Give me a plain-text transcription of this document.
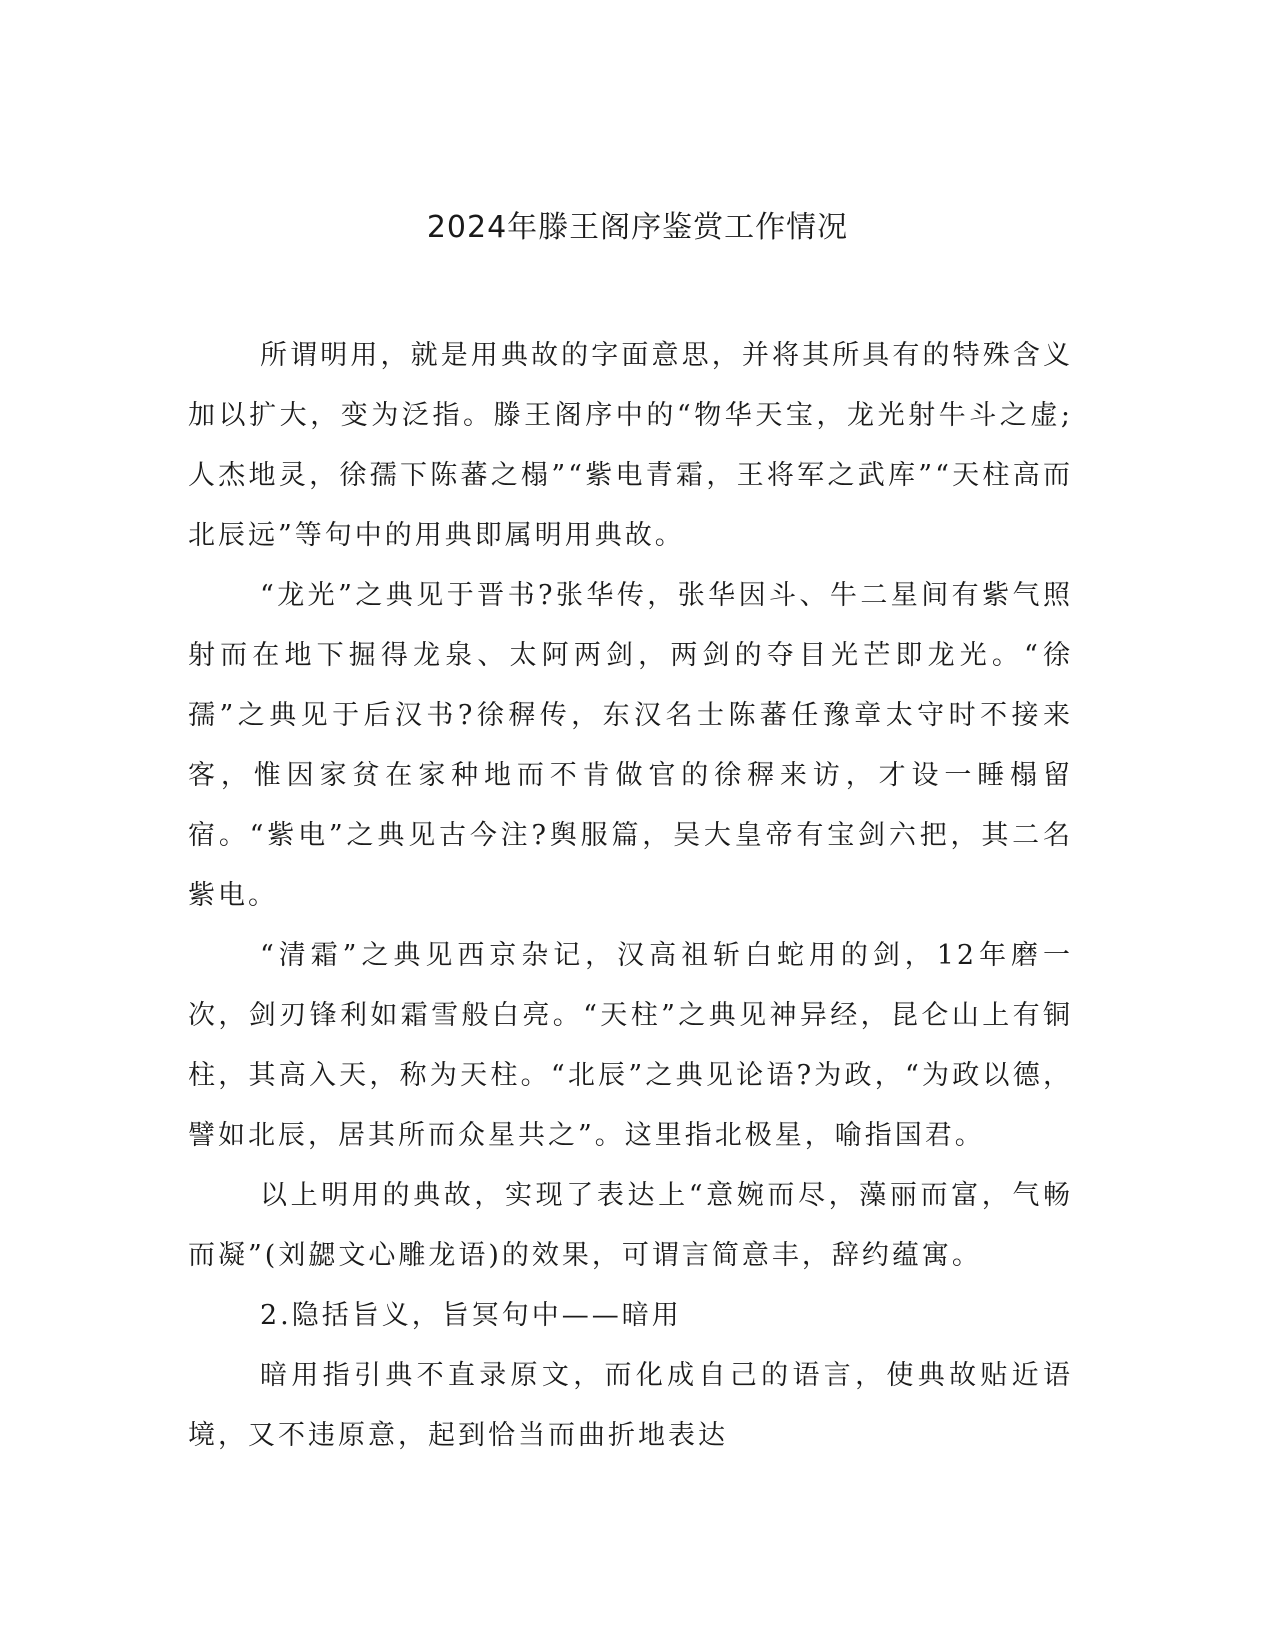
2024年滕王阁序鉴赏工作情况

所谓明用，就是用典故的字面意思，并将其所具有的特殊含义加以扩大，变为泛指。滕王阁序中的“物华天宝，龙光射牛斗之虚;人杰地灵，徐孺下陈蕃之榻”“紫电青霜，王将军之武库”“天柱高而北辰远”等句中的用典即属明用典故。

“龙光”之典见于晋书?张华传，张华因斗、牛二星间有紫气照射而在地下掘得龙泉、太阿两剑，两剑的夺目光芒即龙光。“徐孺”之典见于后汉书?徐稺传，东汉名士陈蕃任豫章太守时不接来客，惟因家贫在家种地而不肯做官的徐稺来访，才设一睡榻留宿。“紫电”之典见古今注?舆服篇，吴大皇帝有宝剑六把，其二名紫电。

“清霜”之典见西京杂记，汉高祖斩白蛇用的剑，12年磨一次，剑刃锋利如霜雪般白亮。“天柱”之典见神异经，昆仑山上有铜柱，其高入天，称为天柱。“北辰”之典见论语?为政，“为政以德，譬如北辰，居其所而众星共之”。这里指北极星，喻指国君。

以上明用的典故，实现了表达上“意婉而尽，藻丽而富，气畅而凝”(刘勰文心雕龙语)的效果，可谓言简意丰，辞约蕴寓。

2.隐括旨义，旨冥句中——暗用

暗用指引典不直录原文，而化成自己的语言，使典故贴近语境，又不违原意，起到恰当而曲折地表达
